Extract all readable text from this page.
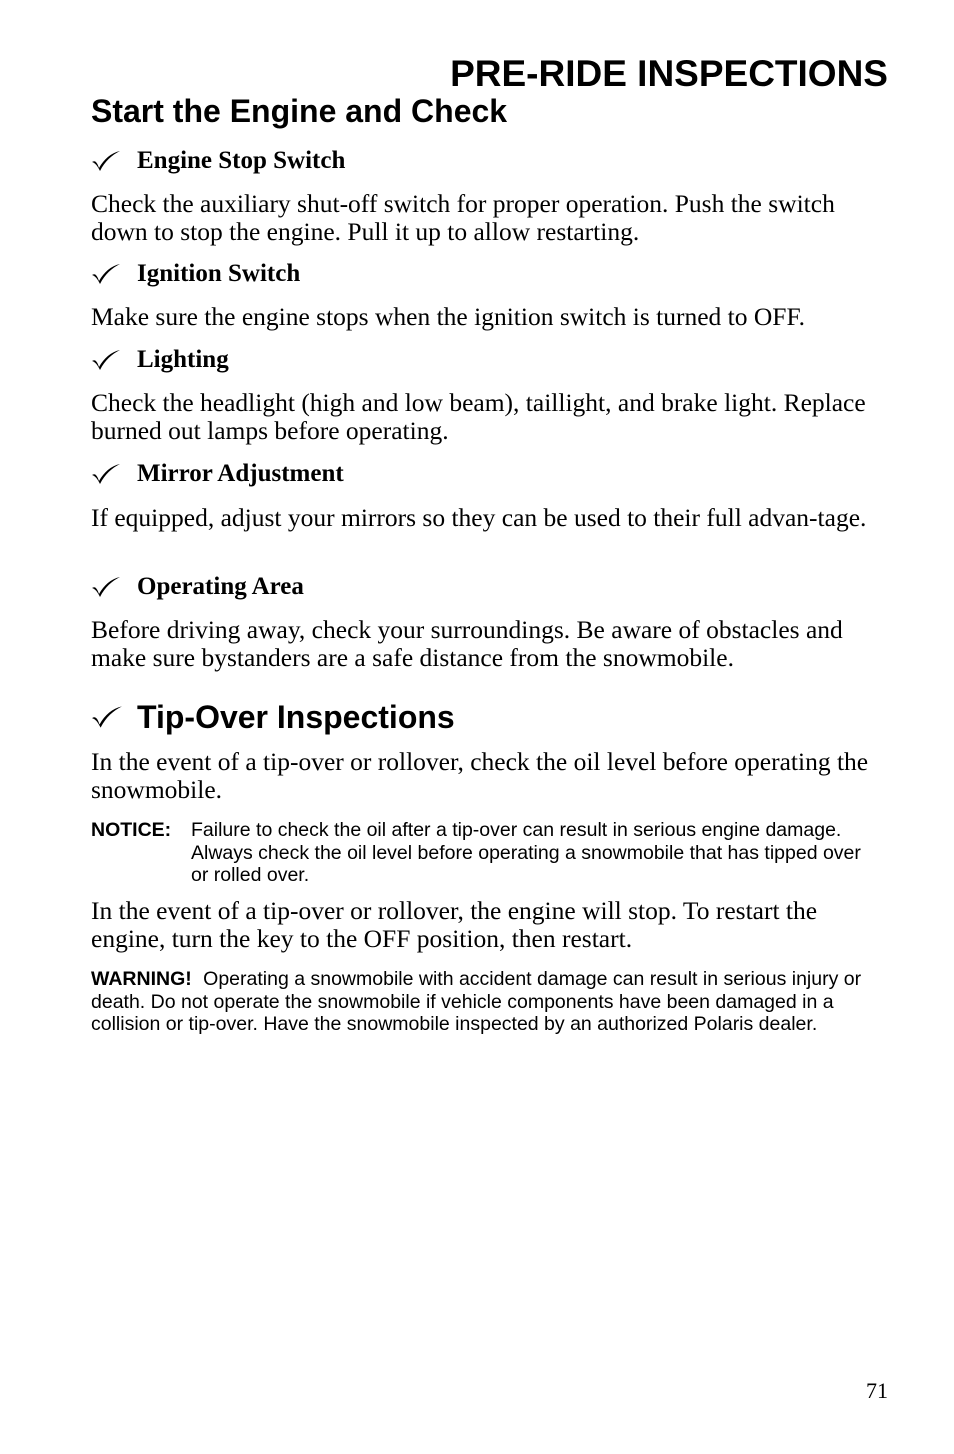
PRE-RIDE INSPECTIONS
Start the Engine and Check
Engine Stop Switch
Check the auxiliary shut-off switch for proper operation. Push the switch down to stop the engine. Pull it up to allow restarting.
Ignition Switch
Make sure the engine stops when the ignition switch is turned to OFF.
Lighting
Check the headlight (high and low beam), taillight, and brake light. Replace burned out lamps before operating.
Mirror Adjustment
If equipped, adjust your mirrors so they can be used to their full advan-tage.
Operating Area
Before driving away, check your surroundings. Be aware of obstacles and make sure bystanders are a safe distance from the snowmobile.
Tip-Over Inspections
In the event of a tip-over or rollover, check the oil level before operating the snowmobile.
NOTICE:	Failure to check the oil after a tip-over can result in serious engine damage. Always check the oil level before operating a snowmobile that has tipped over or rolled over.
In the event of a tip-over or rollover, the engine will stop. To restart the engine, turn the key to the OFF position, then restart.
WARNING! Operating a snowmobile with accident damage can result in serious injury or death. Do not operate the snowmobile if vehicle components have been damaged in a collision or tip-over. Have the snowmobile inspected by an authorized Polaris dealer.
71
